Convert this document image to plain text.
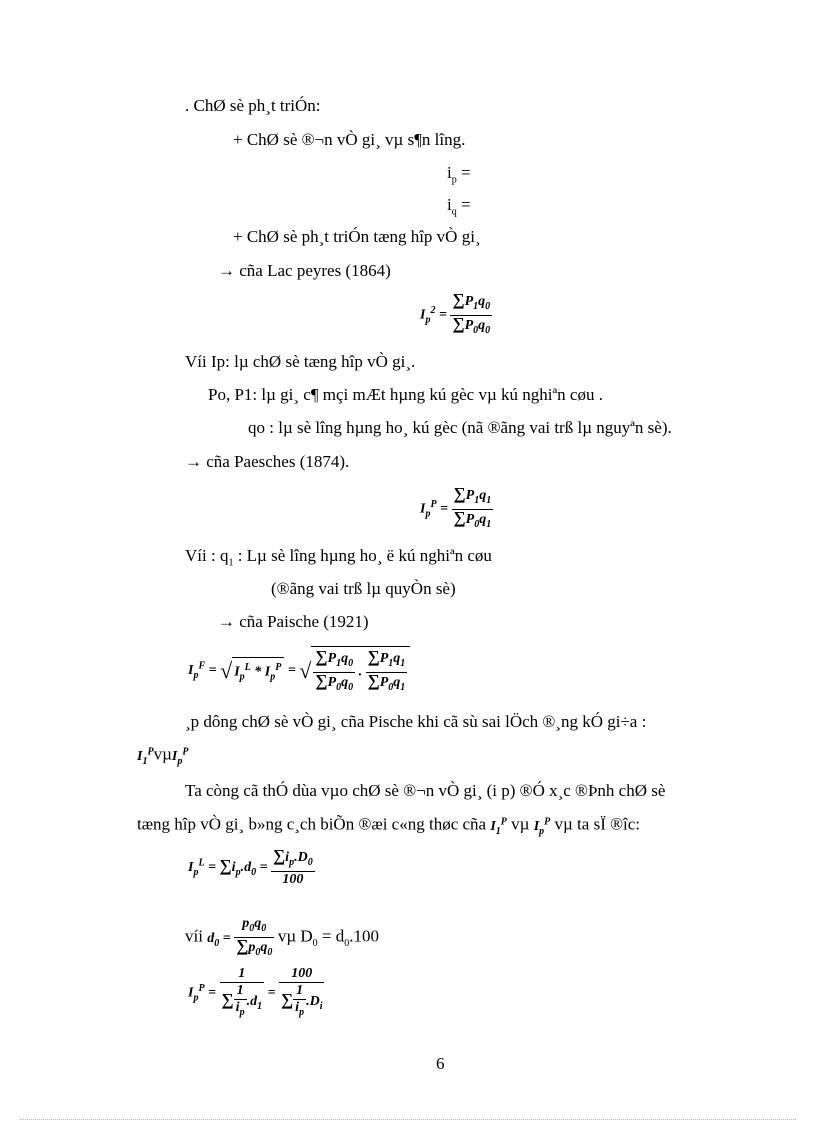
. ChØ sè ph¸t triÓn:
+ ChØ sè ®¬n vÒ gi¸ vµ s¶n lîng.
$i_p$ =
$i_q$ =
+ ChØ sè ph¸t triÓn tæng hîp vÒ gi¸
→ cña Lac peyres (1864)
$I_p^2 = \frac{\sum P_1q_0}{\sum P_0q_0}$
Víi Ip: lµ chØ sè tæng hîp vÒ gi¸.
Po, P1: lµ gi¸ c¶ mçi mÆt hµng kú gèc vµ kú nghiªn cøu .
qo : lµ sè lîng hµng ho¸ kú gèc (nã ®ãng vai trß lµ nguyªn sè).
→ cña Paesches (1874).
$I_p^P = \frac{\sum P_1q_1}{\sum P_0q_1}$
Víi : $q_1$ : Lµ sè lîng hµng ho¸ ë kú nghiªn cøu
(®ãng vai trß lµ quyÒn sè)
→ cña Paische (1921)
$I_p^F$ = √ $I_p^L * I_p^P$ = √ $\frac{\sum P_1q_0}{\sum P_0q_0}$ . $\frac{\sum P_1q_1}{\sum P_0q_1}$
¸p dông chØ sè vÒ gi¸ cña Pische khi cã sù sai lÖch ®¸ng kÓ gi÷a :
$I_1^Pv\mu I_p^P$
Ta còng cã thÓ dùa vµo chØ sè ®¬n vÒ gi¸ (i p) ®Ó x¸c ®Þnh chØ sè
tæng hîp vÒ gi¸ b»ng c¸ch biÕn ®æi c«ng thøc cña $I_1^P$ vµ $I_p^P$ vµ ta sÏ ®îc:
$I_p^L = \sum i_p.d_0 = \frac{\sum i_p.D_0}{100}$
víi $d_0 = \frac{p_0q_0}{\sum p_0q_0}$ vµ $D_0 = d_0.100$
$I_p^P = \frac{1}{\sum \frac{1}{i_p} .d_1} = \frac{100}{\sum \frac{1}{i_p} .D_i}$
6
